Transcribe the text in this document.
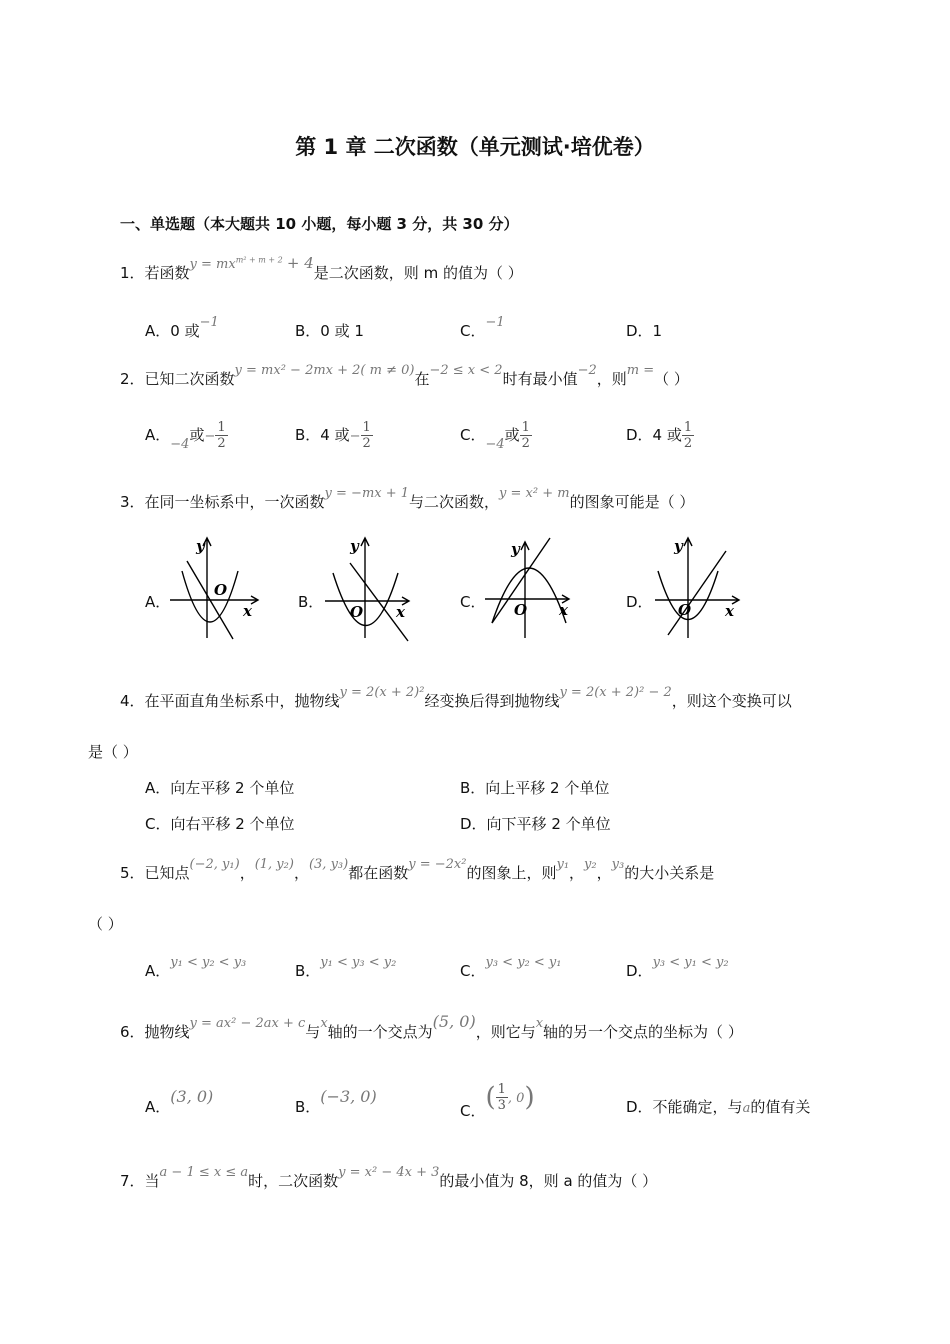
第 1 章 二次函数（单元测试·培优卷）
一、单选题（本大题共 10 小题，每小题 3 分，共 30 分）
1．若函数$y = mx^{m^2 + m + 2} + 4$是二次函数，则 m 的值为（ ）
A．0 或−1	B．0 或 1	C．−1	D．1
2．已知二次函数y = mx² − 2mx + 2( m ≠ 0)在−2 ≤ x < 2时有最小值−2，则m =（ ）
A．−4或− $\frac{1}{2}$	B．4 或− $\frac{1}{2}$	C．−4或 $\frac{1}{2}$	D．4 或 $\frac{1}{2}$
3．在同一坐标系中，一次函数y = −mx + 1与二次函数，y = x² + m的图象可能是（ ）
A．	B．	C．	D．
y
x
O
y
x
O
y
x
O
y
x
O
4．在平面直角坐标系中，抛物线y = 2(x + 2)²经变换后得到抛物线y = 2(x + 2)² − 2，则这个变换可以
是（ ）
A．向左平移 2 个单位	B．向上平移 2 个单位
C．向右平移 2 个单位	D．向下平移 2 个单位
5．已知点(−2, y₁)，(1, y₂)，(3, y₃)都在函数y = −2x²的图象上，则y₁，y₂，y₃的大小关系是
（ ）
A．y₁ < y₂ < y₃	B．y₁ < y₃ < y₂	C．y₃ < y₂ < y₁	D．y₃ < y₁ < y₂
6．抛物线y = ax² − 2ax + c与x轴的一个交点为(5, 0)，则它与x轴的另一个交点的坐标为（ ）
A．(3, 0)
B．(−3, 0)
C．( $\frac{1}{3}$ , 0)	D．不能确定，与a的值有关
7．当a − 1 ≤ x ≤ a时，二次函数y = x² − 4x + 3的最小值为 8，则 a 的值为（ ）
